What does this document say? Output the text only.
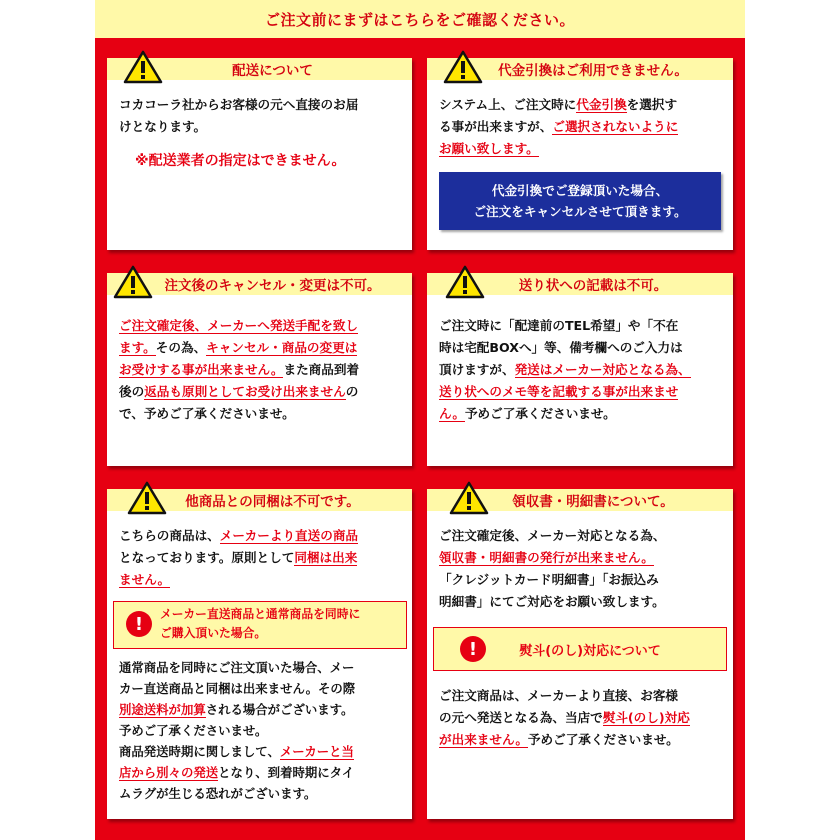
ご注文前にまずはこちらをご確認ください。
配送について
コカコーラ社からお客様の元へ直接のお届
けとなります。
※配送業者の指定はできません。
代金引換はご利用できません。
システム上、ご注文時に代金引換を選択す
る事が出来ますが、ご選択されないように
お願い致します。
代金引換でご登録頂いた場合、
ご注文をキャンセルさせて頂きます。
注文後のキャンセル・変更は不可。
ご注文確定後、メーカーへ発送手配を致し
ます。その為、キャンセル・商品の変更は
お受けする事が出来ません。また商品到着
後の返品も原則としてお受け出来ませんの
で、予めご了承くださいませ。
送り状への記載は不可。
ご注文時に「配達前のTEL希望」や「不在
時は宅配BOXへ」等、備考欄へのご入力は
頂けますが、発送はメーカー対応となる為、
送り状へのメモ等を記載する事が出来ませ
ん。予めご了承くださいませ。
他商品との同梱は不可です。
こちらの商品は、メーカーより直送の商品
となっております。原則として同梱は出来
ません。
!	メーカー直送商品と通常商品を同時に
ご購入頂いた場合。
通常商品を同時にご注文頂いた場合、メー
カー直送商品と同梱は出来ません。その際
別途送料が加算される場合がございます。
予めご了承くださいませ。
商品発送時期に関しまして、メーカーと当
店から別々の発送となり、到着時期にタイ
ムラグが生じる恐れがございます。
領収書・明細書について。
ご注文確定後、メーカー対応となる為、
領収書・明細書の発行が出来ません。
「クレジットカード明細書」「お振込み
明細書」にてご対応をお願い致します。
!	熨斗(のし)対応について
ご注文商品は、メーカーより直接、お客様
の元へ発送となる為、当店で熨斗(のし)対応
が出来ません。予めご了承くださいませ。
